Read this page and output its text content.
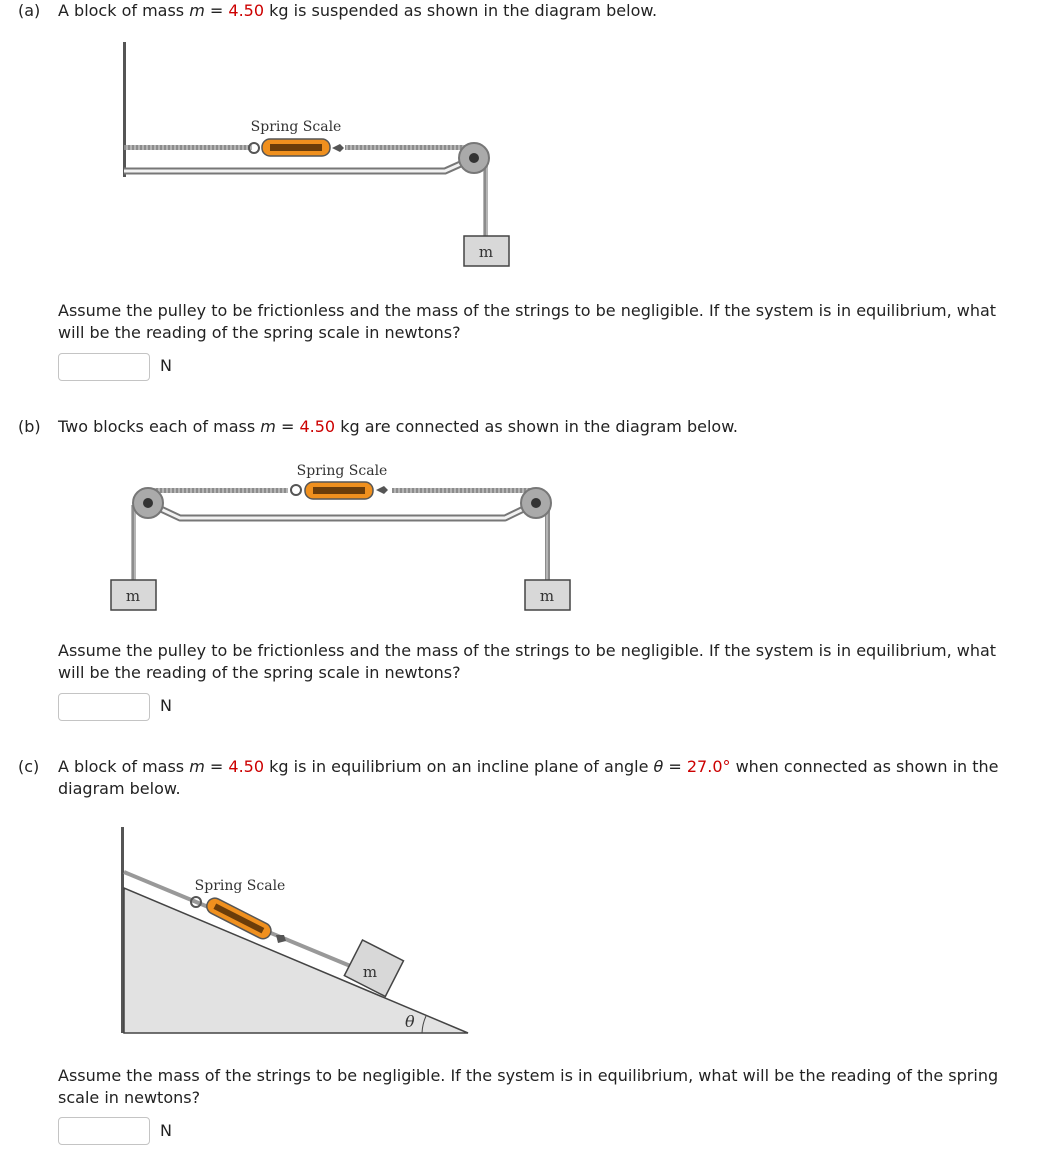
(a) A block of mass m = 4.50 kg is suspended as shown in the diagram below.
Spring Scale
m
Assume the pulley to be frictionless and the mass of the strings to be negligible. If the system is in equilibrium, what
will be the reading of the spring scale in newtons?
N
(b) Two blocks each of mass m = 4.50 kg are connected as shown in the diagram below.
Spring Scale
m	m
Assume the pulley to be frictionless and the mass of the strings to be negligible. If the system is in equilibrium, what
will be the reading of the spring scale in newtons?
N
(c) A block of mass m = 4.50 kg is in equilibrium on an incline plane of angle θ = 27.0° when connected as shown in the
diagram below.
Spring Scale
m
θ
Assume the mass of the strings to be negligible. If the system is in equilibrium, what will be the reading of the spring
scale in newtons?
N
